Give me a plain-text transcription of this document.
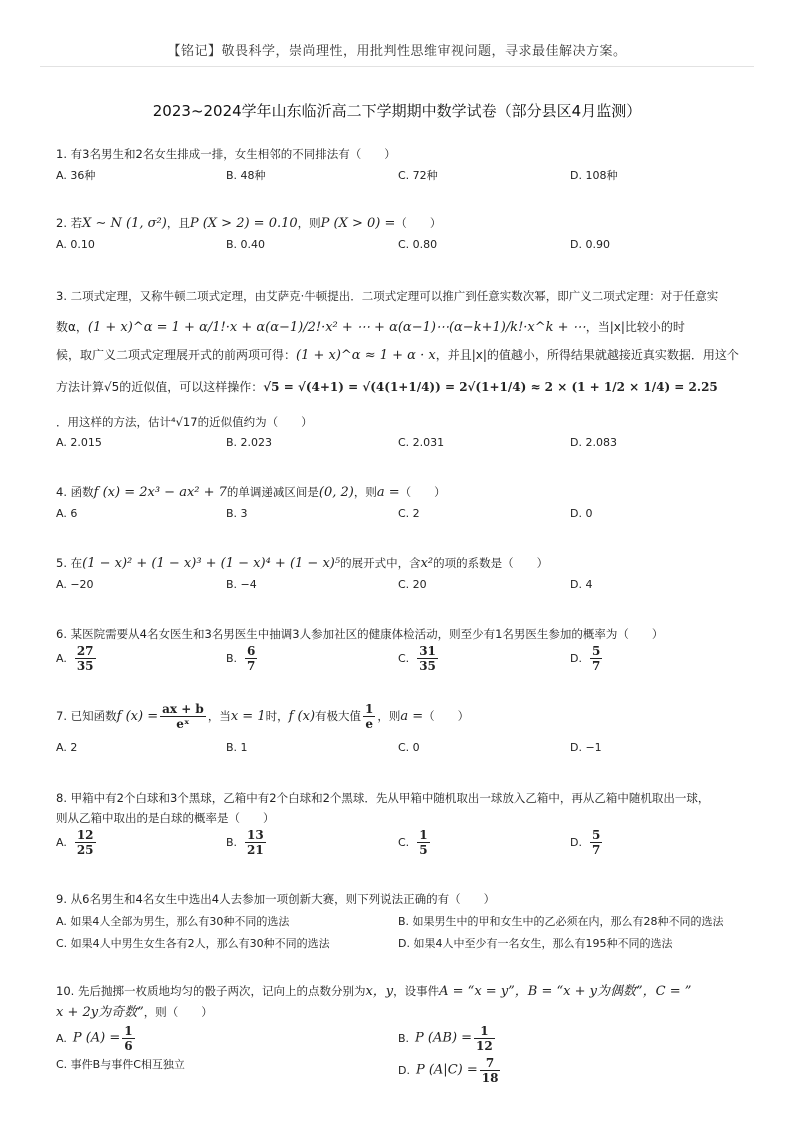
【铭记】敬畏科学，崇尚理性，用批判性思维审视问题，寻求最佳解决方案。
2023~2024学年山东临沂高二下学期期中数学试卷（部分县区4月监测）
1. 有3名男生和2名女生排成一排，女生相邻的不同排法有（　　）
A. 36种	B. 48种	C. 72种	D. 108种
2. 若X ∼ N (1, σ²)，且P (X > 2) = 0.10，则P (X > 0) =（　　）
A. 0.10	B. 0.40	C. 0.80	D. 0.90
3. 二项式定理，又称牛顿二项式定理，由艾萨克·牛顿提出．二项式定理可以推广到任意实数次幂，即广义二项式定理：对于任意实
数α，(1 + x)^α = 1 + α/1!·x + α(α−1)/2!·x² + ⋯ + α(α−1)⋯(α−k+1)/k!·x^k + ⋯，当|x|比较小的时
候，取广义二项式定理展开式的前两项可得：(1 + x)^α ≈ 1 + α · x，并且|x|的值越小，所得结果就越接近真实数据．用这个
方法计算√5的近似值，可以这样操作：√5 = √(4+1) = √(4(1+1/4)) = 2√(1+1/4) ≈ 2 × (1 + 1/2 × 1/4) = 2.25
．用这样的方法，估计⁴√17的近似值约为（　　）
A. 2.015	B. 2.023	C. 2.031	D. 2.083
4. 函数f (x) = 2x³ − ax² + 7的单调递减区间是(0, 2)，则a =（　　）
A. 6	B. 3	C. 2	D. 0
5. 在(1 − x)² + (1 − x)³ + (1 − x)⁴ + (1 − x)⁵的展开式中，含x²的项的系数是（　　）
A. −20	B. −4	C. 20	D. 4
6. 某医院需要从4名女医生和3名男医生中抽调3人参加社区的健康体检活动，则至少有1名男医生参加的概率为（　　）
A. $\frac{27}{35}$	B. $\frac{6}{7}$	C. $\frac{31}{35}$	D. $\frac{5}{7}$
7. 已知函数f $(x) = \frac{ax + b}{\text{eˣ}}$ ，当x = 1时，f (x)有极大值 $\frac{1}{e}$ ，则a =（　　）
A. 2	B. 1	C. 0	D. −1
8. 甲箱中有2个白球和3个黑球，乙箱中有2个白球和2个黑球．先从甲箱中随机取出一球放入乙箱中，再从乙箱中随机取出一球，
则从乙箱中取出的是白球的概率是（　　）
A. $\frac{12}{25}$	B. $\frac{13}{21}$	C. $\frac{1}{5}$	D. $\frac{5}{7}$
9. 从6名男生和4名女生中选出4人去参加一项创新大赛，则下列说法正确的有（　　）
A. 如果4人全部为男生，那么有30种不同的选法	B. 如果男生中的甲和女生中的乙必须在内，那么有28种不同的选法
C. 如果4人中男生女生各有2人，那么有30种不同的选法	D. 如果4人中至少有一名女生，那么有195种不同的选法
10. 先后抛掷一枚质地均匀的骰子两次，记向上的点数分别为x，y，设事件A = “x = y”，B = “x + y为偶数”，C = ”
x + 2y为奇数”，则（　　）
A. P $(A) = \frac{1}{6}$	B. P $(AB) = \frac{1}{12}$
C. 事件B与事件C相互独立	D. P $(A|C) = \frac{7}{18}$
